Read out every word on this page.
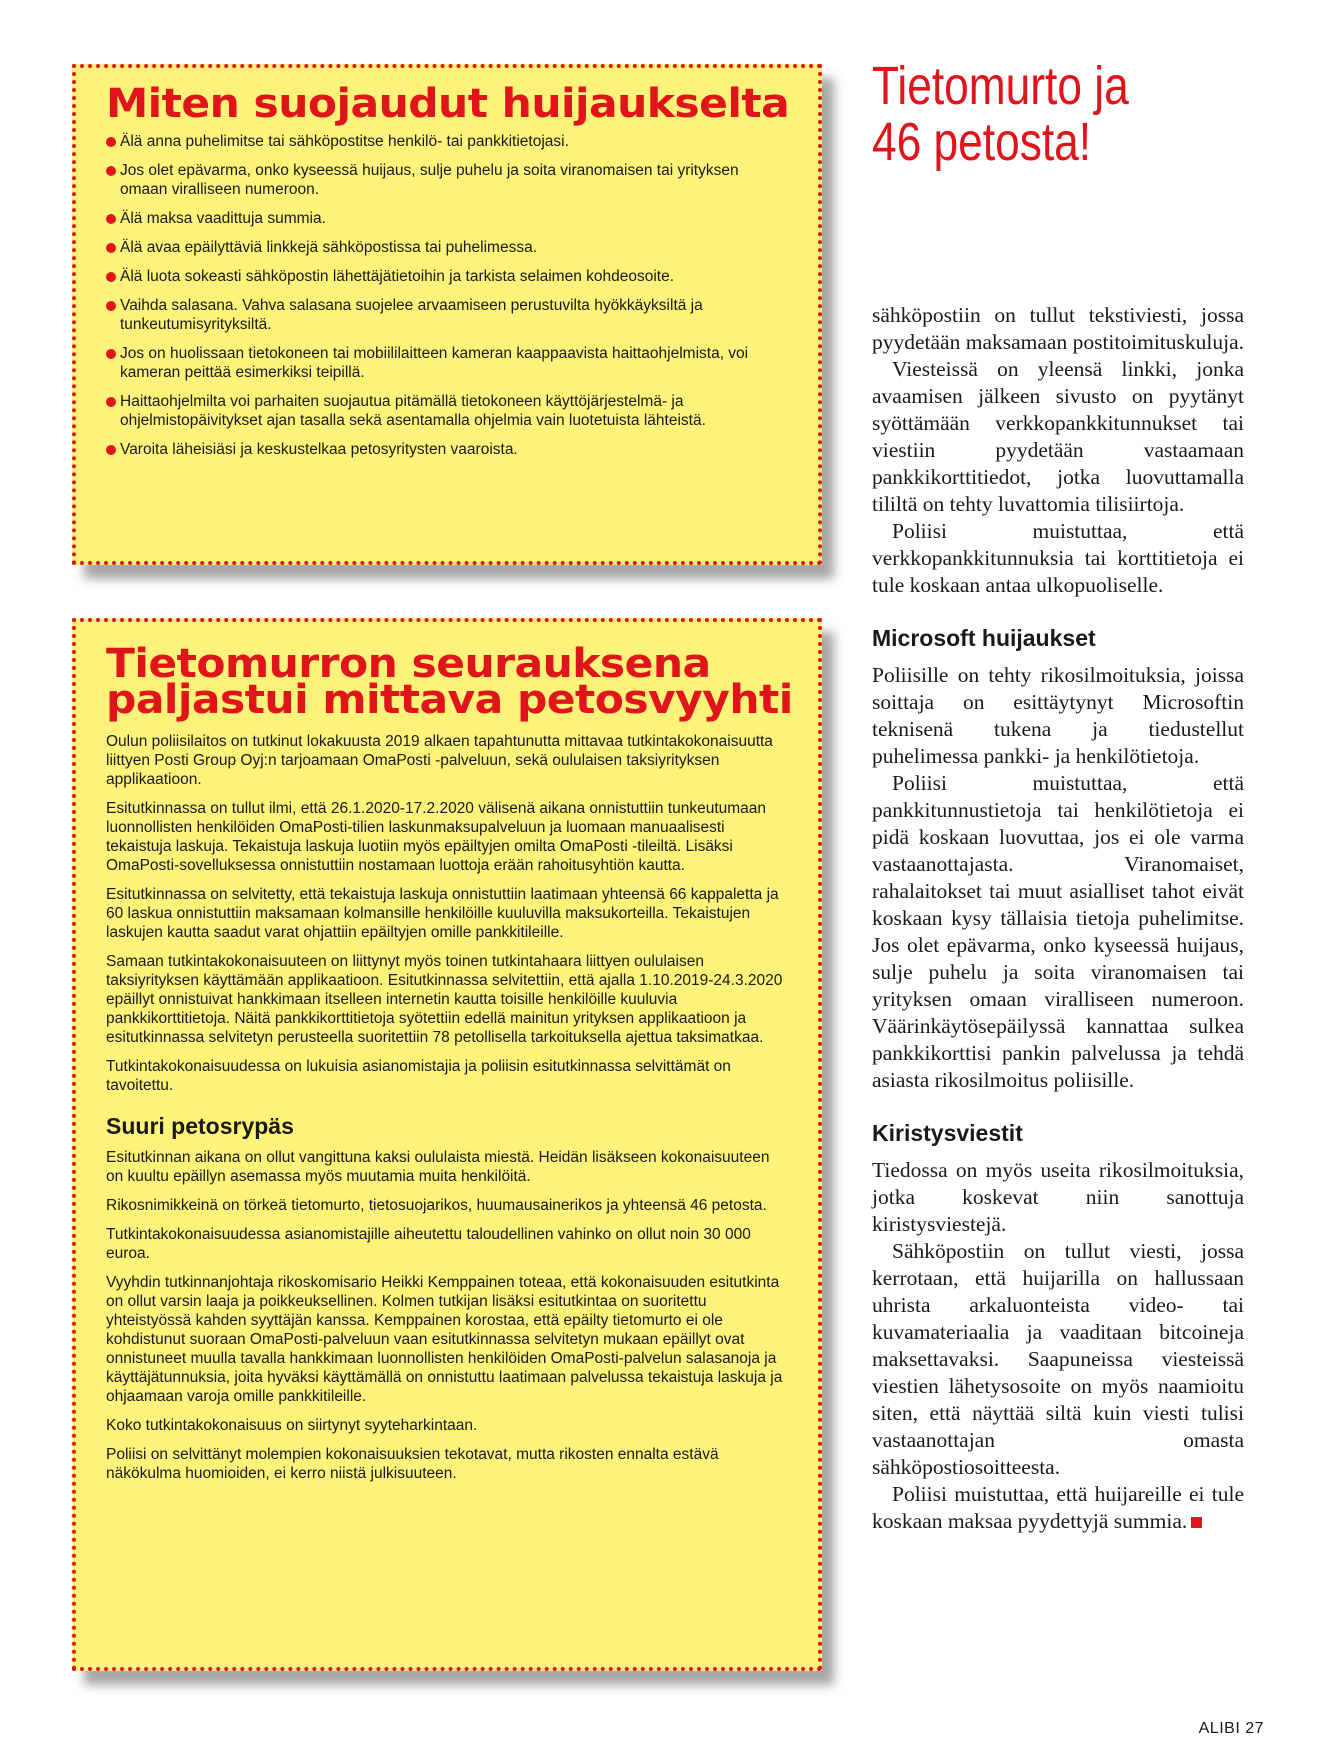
Miten suojaudut huijaukselta
Älä anna puhelimitse tai sähköpostitse henkilö- tai pankkitietojasi.
Jos olet epävarma, onko kyseessä huijaus, sulje puhelu ja soita viranomaisen tai yrityksen omaan viralliseen numeroon.
Älä maksa vaadittuja summia.
Älä avaa epäilyttäviä linkkejä sähköpostissa tai puhelimessa.
Älä luota sokeasti sähköpostin lähettäjätietoihin ja tarkista selaimen kohdeosoite.
Vaihda salasana. Vahva salasana suojelee arvaamiseen perustuvilta hyökkäyksiltä ja tunkeutumisyrityksiltä.
Jos on huolissaan tietokoneen tai mobiililaitteen kameran kaappaavista haittaohjelmista, voi kameran peittää esimerkiksi teipillä.
Haittaohjelmilta voi parhaiten suojautua pitämällä tietokoneen käyttöjärjestelmä- ja ohjelmistopäivitykset ajan tasalla sekä asentamalla ohjelmia vain luotetuista lähteistä.
Varoita läheisiäsi ja keskustelkaa petosyritysten vaaroista.
Tietomurron seurauksena paljastui mittava petosvyyhti

Oulun poliisilaitos on tutkinut lokakuusta 2019 alkaen tapahtunutta mittavaa tutkintakokonaisuutta liittyen Posti Group Oyj:n tarjoamaan OmaPosti -palveluun, sekä oululaisen taksiyrityksen applikaatioon.

Esitutkinnassa on tullut ilmi, että 26.1.2020-17.2.2020 välisenä aikana onnistuttiin tunkeutumaan luonnollisten henkilöiden OmaPosti-tilien laskunmaksupalveluun ja luomaan manuaalisesti tekaistuja laskuja. Tekaistuja laskuja luotiin myös epäiltyjen omilta OmaPosti -tileiltä. Lisäksi OmaPosti-sovelluksessa onnistuttiin nostamaan luottoja erään rahoitusyhtiön kautta.

Esitutkinnassa on selvitetty, että tekaistuja laskuja onnistuttiin laatimaan yhteensä 66 kappaletta ja 60 laskua onnistuttiin maksamaan kolmansille henkilöille kuuluvilla maksukorteilla. Tekaistujen laskujen kautta saadut varat ohjattiin epäiltyjen omille pankkitileille.

Samaan tutkintakokonaisuuteen on liittynyt myös toinen tutkintahaara liittyen oululaisen taksiyrityksen käyttämään applikaatioon. Esitutkinnassa selvitettiin, että ajalla 1.10.2019-24.3.2020 epäillyt onnistuivat hankkimaan itselleen internetin kautta toisille henkilöille kuuluvia pankkikorttitietoja. Näitä pankkikorttitietoja syötettiin edellä mainitun yrityksen applikaatioon ja esitutkinnassa selvitetyn perusteella suoritettiin 78 petollisella tarkoituksella ajettua taksimatkaa.

Tutkintakokonaisuudessa on lukuisia asianomistajia ja poliisin esitutkinnassa selvittämät on tavoitettu.

Suuri petosrypäs

Esitutkinnan aikana on ollut vangittuna kaksi oululaista miestä. Heidän lisäkseen kokonaisuuteen on kuultu epäillyn asemassa myös muutamia muita henkilöitä.

Rikosnimikkeinä on törkeä tietomurto, tietosuojarikos, huumausainerikos ja yhteensä 46 petosta.

Tutkintakokonaisuudessa asianomistajille aiheutettu taloudellinen vahinko on ollut noin 30 000 euroa.

Vyyhdin tutkinnanjohtaja rikoskomisario Heikki Kemppainen toteaa, että kokonaisuuden esitutkinta on ollut varsin laaja ja poikkeuksellinen. Kolmen tutkijan lisäksi esitutkintaa on suoritettu yhteistyössä kahden syyttäjän kanssa. Kemppainen korostaa, että epäilty tietomurto ei ole kohdistunut suoraan OmaPosti-palveluun vaan esitutkinnassa selvitetyn mukaan epäillyt ovat onnistuneet muulla tavalla hankkimaan luonnollisten henkilöiden OmaPosti-palvelun salasanoja ja käyttäjätunnuksia, joita hyväksi käyttämällä on onnistuttu laatimaan palvelussa tekaistuja laskuja ja ohjaamaan varoja omille pankkitileille.

Koko tutkintakokonaisuus on siirtynyt syyteharkintaan.

Poliisi on selvittänyt molempien kokonaisuuksien tekotavat, mutta rikosten ennalta estävä näkökulma huomioiden, ei kerro niistä julkisuuteen.

Tietomurto ja
46 petosta!

sähköpostiin on tullut tekstiviesti, jossa pyydetään maksamaan postitoimituskuluja.

Viesteissä on yleensä linkki, jonka avaamisen jälkeen sivusto on pyytänyt syöttämään verkkopankkitunnukset tai viestiin pyydetään vastaamaan pankkikorttitiedot, jotka luovuttamalla tililtä on tehty luvattomia tilisiirtoja.

Poliisi muistuttaa, että verkkopankkitunnuksia tai korttitietoja ei tule koskaan antaa ulkopuoliselle.

Microsoft huijaukset

Poliisille on tehty rikosilmoituksia, joissa soittaja on esittäytynyt Microsoftin teknisenä tukena ja tiedustellut puhelimessa pankki- ja henkilötietoja.

Poliisi muistuttaa, että pankkitunnustietoja tai henkilötietoja ei pidä koskaan luovuttaa, jos ei ole varma vastaanottajasta. Viranomaiset, rahalaitokset tai muut asialliset tahot eivät koskaan kysy tällaisia tietoja puhelimitse. Jos olet epävarma, onko kyseessä huijaus, sulje puhelu ja soita viranomaisen tai yrityksen omaan viralliseen numeroon. Väärinkäytösepäilyssä kannattaa sulkea pankkikorttisi pankin palvelussa ja tehdä asiasta rikosilmoitus poliisille.

Kiristysviestit

Tiedossa on myös useita rikosilmoituksia, jotka koskevat niin sanottuja kiristysviestejä.

Sähköpostiin on tullut viesti, jossa kerrotaan, että huijarilla on hallussaan uhrista arkaluonteista video- tai kuvamateriaalia ja vaaditaan bitcoineja maksettavaksi. Saapuneissa viesteissä viestien lähetysosoite on myös naamioitu siten, että näyttää siltä kuin viesti tulisi vastaanottajan omasta sähköpostiosoitteesta.

Poliisi muistuttaa, että huijareille ei tule koskaan maksaa pyydettyjä summia.

ALIBI 27
